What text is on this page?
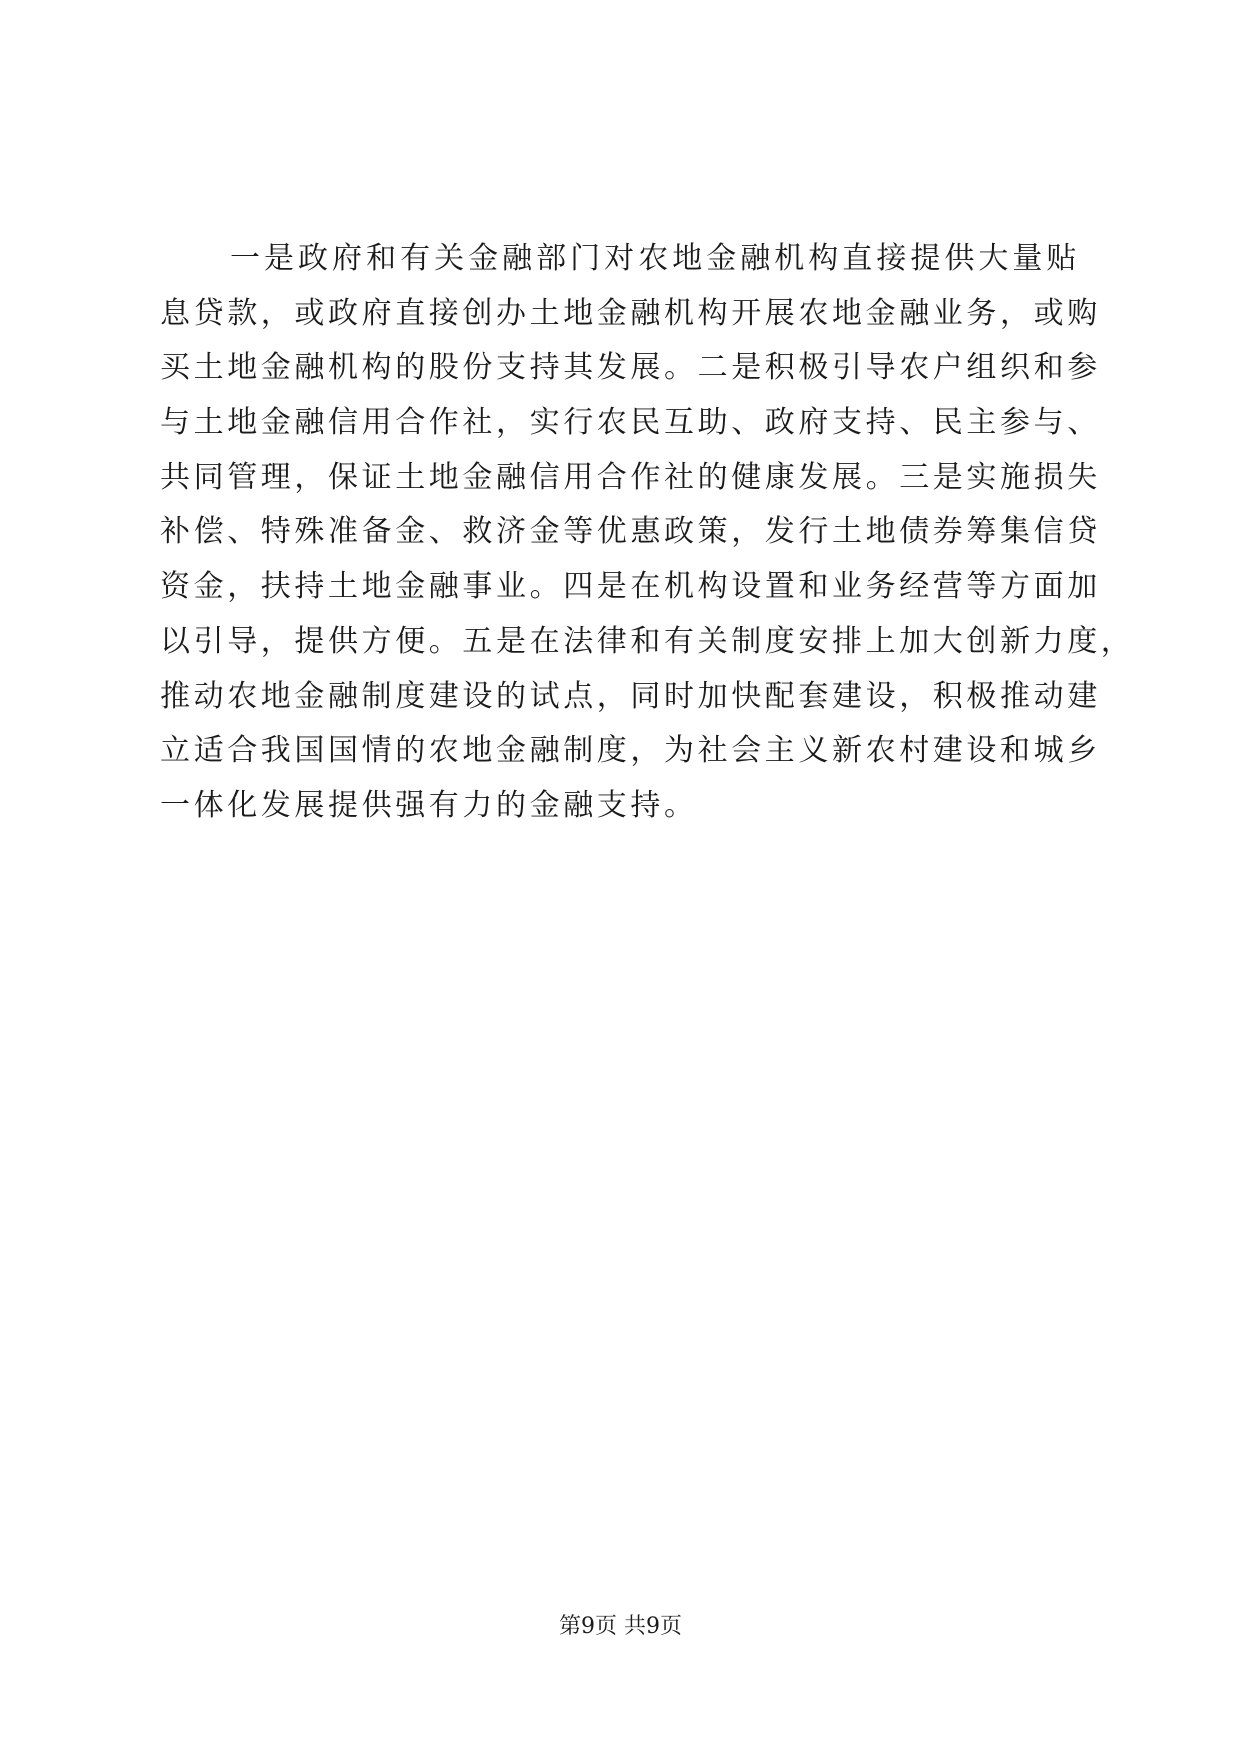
一是政府和有关金融部门对农地金融机构直接提供大量贴
息贷款，或政府直接创办土地金融机构开展农地金融业务，或购
买土地金融机构的股份支持其发展。二是积极引导农户组织和参
与土地金融信用合作社，实行农民互助、政府支持、民主参与、
共同管理，保证土地金融信用合作社的健康发展。三是实施损失
补偿、特殊准备金、救济金等优惠政策，发行土地债券筹集信贷
资金，扶持土地金融事业。四是在机构设置和业务经营等方面加
以引导，提供方便。五是在法律和有关制度安排上加大创新力度，
推动农地金融制度建设的试点，同时加快配套建设，积极推动建
立适合我国国情的农地金融制度，为社会主义新农村建设和城乡
一体化发展提供强有力的金融支持。
第9页 共9页
